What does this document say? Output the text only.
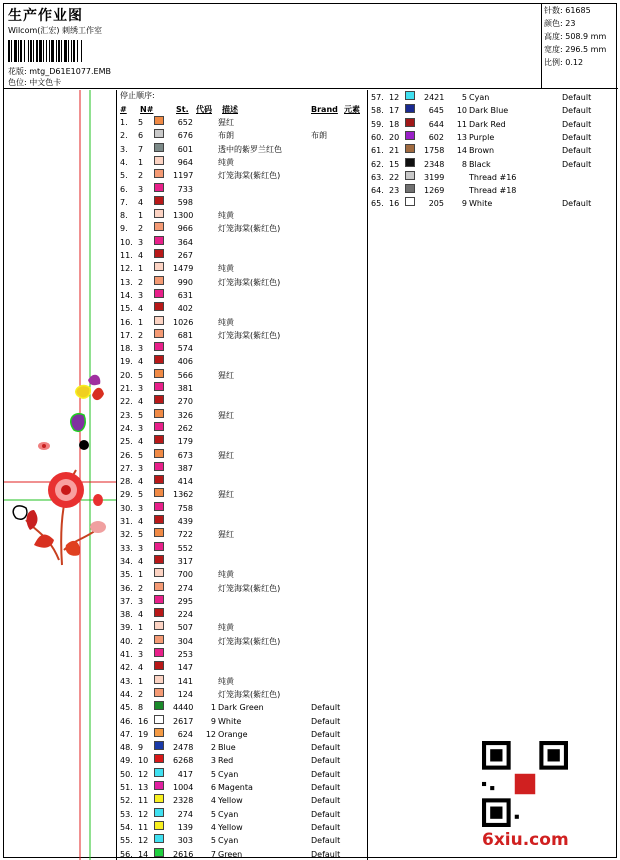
生产作业图
Wilcom(汇宏) 刺绣工作室
花版: mtg_D61E1077.EMB
色位: 中文色卡
针数: 61685
颜色: 23
高度: 508.9 mm
宽度: 296.5 mm
比例: 0.12
停止顺序:
# N#	St. 代码 描述	Brand 元素
1. 5	652	猩红
2. 6	676	布朗	布朗
3. 7	601	透中的紫罗兰红色
4. 1	964	纯黄
5. 2	1197	灯笼海棠(紫红色)
6. 3	733
7. 4	598
8. 1	1300	纯黄
9. 2	966	灯笼海棠(紫红色)
10. 3	364
11. 4	267
12. 1	1479	纯黄
13. 2	990	灯笼海棠(紫红色)
14. 3	631
15. 4	402
16. 1	1026	纯黄
17. 2	681	灯笼海棠(紫红色)
18. 3	574
19. 4	406
20. 5	566	猩红
21. 3	381
22. 4	270
23. 5	326	猩红
24. 3	262
25. 4	179
26. 5	673	猩红
27. 3	387
28. 4	414
29. 5	1362	猩红
30. 3	758
31. 4	439
32. 5	722	猩红
33. 3	552
34. 4	317
35. 1	700	纯黄
36. 2	274	灯笼海棠(紫红色)
37. 3	295
38. 4	224
39. 1	507	纯黄
40. 2	304	灯笼海棠(紫红色)
41. 3	253
42. 4	147
43. 1	141	纯黄
44. 2	124	灯笼海棠(紫红色)
45. 8	4440	1 Dark Green	Default
46. 16	2617	9 White	Default
47. 19	624	12 Orange	Default
48. 9	2478	2 Blue	Default
49. 10	6268	3 Red	Default
50. 12	417	5 Cyan	Default
51. 13	1004	6 Magenta	Default
52. 11	2328	4 Yellow	Default
53. 12	274	5 Cyan	Default
54. 11	139	4 Yellow	Default
55. 12	303	5 Cyan	Default
56. 14	2616	7 Green	Default
57. 12	2421	5 Cyan	Default
58. 17	645	10 Dark Blue	Default
59. 18	644	11 Dark Red	Default
60. 20	602	13 Purple	Default
61. 21	1758	14 Brown	Default
62. 15	2348	8 Black	Default
63. 22	3199	Thread #16
64. 23	1269	Thread #18
65. 16	205	9 White	Default
6xiu.com
